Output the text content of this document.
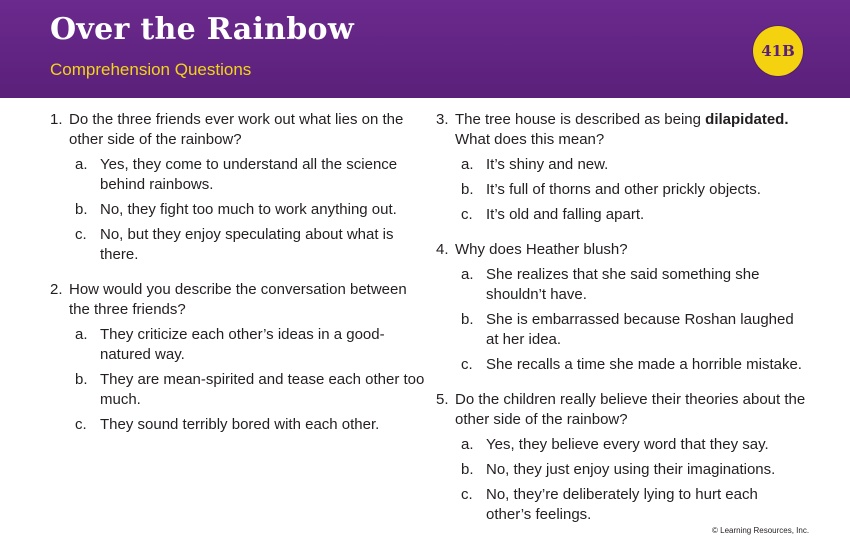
Over the Rainbow
Comprehension Questions
41B
1. Do the three friends ever work out what lies on the other side of the rainbow?
a. Yes, they come to understand all the science behind rainbows.
b. No, they fight too much to work anything out.
c. No, but they enjoy speculating about what is there.
2. How would you describe the conversation between the three friends?
a. They criticize each other’s ideas in a good-natured way.
b. They are mean-spirited and tease each other too much.
c. They sound terribly bored with each other.
3. The tree house is described as being dilapidated. What does this mean?
a. It’s shiny and new.
b. It’s full of thorns and other prickly objects.
c. It’s old and falling apart.
4. Why does Heather blush?
a. She realizes that she said something she shouldn’t have.
b. She is embarrassed because Roshan laughed at her idea.
c. She recalls a time she made a horrible mistake.
5. Do the children really believe their theories about the other side of the rainbow?
a. Yes, they believe every word that they say.
b. No, they just enjoy using their imaginations.
c. No, they’re deliberately lying to hurt each other’s feelings.
© Learning Resources, Inc.
